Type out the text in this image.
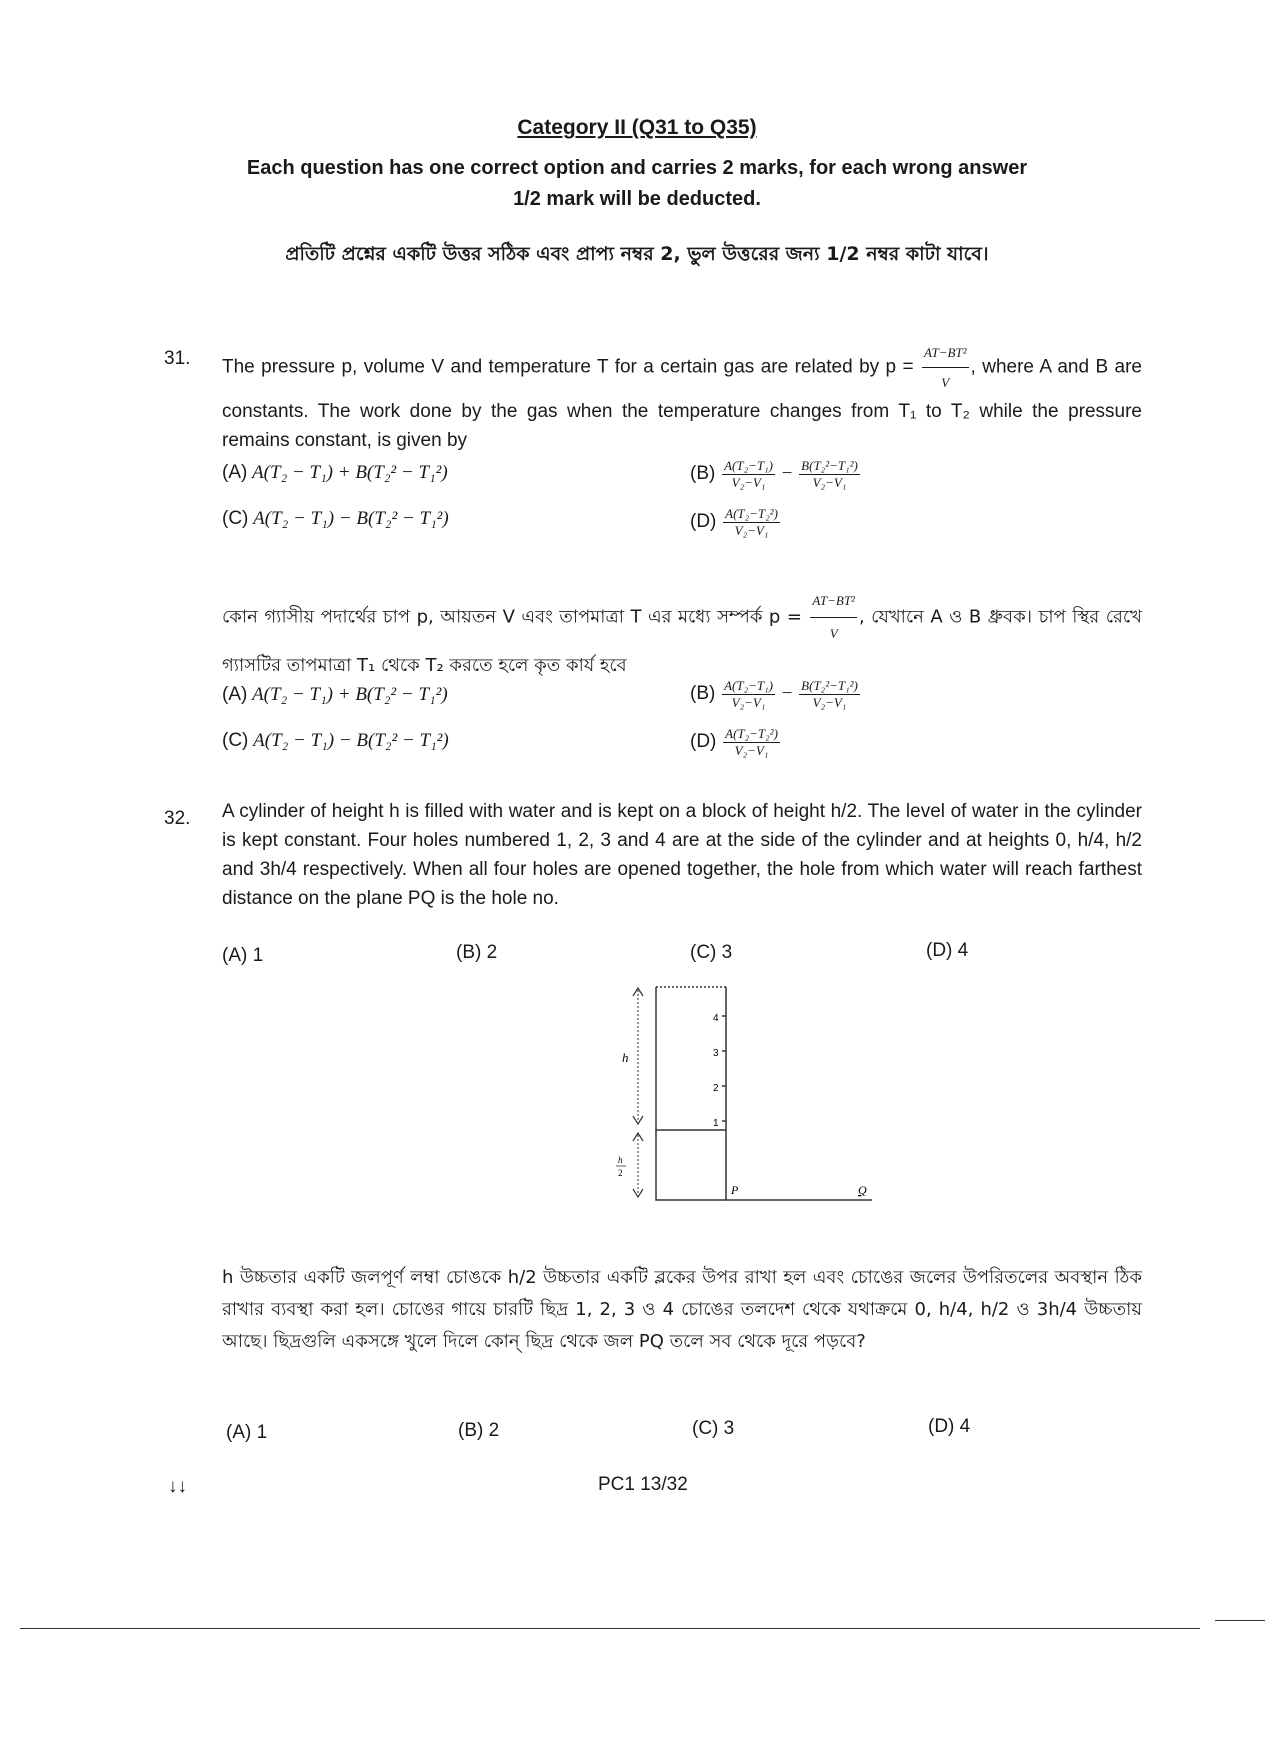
Category II (Q31 to Q35)
Each question has one correct option and carries 2 marks, for each wrong answer
1/2 mark will be deducted.
প্রতিটি প্রশ্নের একটি উত্তর সঠিক এবং প্রাপ্য নম্বর 2, ভুল উত্তরের জন্য 1/2 নম্বর কাটা যাবে।
31. The pressure p, volume V and temperature T for a certain gas are related by $p = \frac{\text{AT−BT²}}{V}$ , where A and B are constants. The work done by the gas when the temperature changes from T₁ to T₂ while the pressure remains constant, is given by
(A) A(T₂ − T₁) + B(T₂² − T₁²)
(C) A(T₂ − T₁) − B(T₂² − T₁²)
$(B) \frac{\text{A(T₂−T₁)}}{\text{V₂−V₁}} - \frac{\text{B(T₂²−T₁²)}}{\text{V₂−V₁}}$
$(D) \frac{\text{A(T₂−T₂²)}}{\text{V₂−V₁}}$
কোন গ্যাসীয় পদার্থের চাপ p, আয়তন V এবং তাপমাত্রা T এর মধ্যে সম্পর্ক $p = \frac{\text{AT−BT²}}{V}$ , যেখানে A ও B ধ্রুবক। চাপ স্থির রেখে গ্যাসটির তাপমাত্রা T₁ থেকে T₂ করতে হলে কৃত কার্য হবে
(A) A(T₂ − T₁) + B(T₂² − T₁²)
(C) A(T₂ − T₁) − B(T₂² − T₁²)
$(B) \frac{\text{A(T₂−T₁)}}{\text{V₂−V₁}} - \frac{\text{B(T₂²−T₁²)}}{\text{V₂−V₁}}$
$(D) \frac{\text{A(T₂−T₂²)}}{\text{V₂−V₁}}$
32. A cylinder of height h is filled with water and is kept on a block of height h/2. The level of water in the cylinder is kept constant. Four holes numbered 1, 2, 3 and 4 are at the side of the cylinder and at heights 0, h/4, h/2 and 3h/4 respectively. When all four holes are opened together, the hole from which water will reach farthest distance on the plane PQ is the hole no.
(A) 1	(B) 2	(C) 3	(D) 4
h
h
2
4
3
2
1
P	Q
h উচ্চতার একটি জলপূর্ণ লম্বা চোঙকে h/2 উচ্চতার একটি ব্লকের উপর রাখা হল এবং চোঙের জলের উপরিতলের অবস্থান ঠিক রাখার ব্যবস্থা করা হল। চোঙের গায়ে চারটি ছিদ্র 1, 2, 3 ও 4 চোঙের তলদেশ থেকে যথাক্রমে 0, h/4, h/2 ও 3h/4 উচ্চতায় আছে। ছিদ্রগুলি একসঙ্গে খুলে দিলে কোন্ ছিদ্র থেকে জল PQ তলে সব থেকে দূরে পড়বে?
(A) 1	(B) 2	(C) 3	(D) 4
↓↓	PC1 13/32
